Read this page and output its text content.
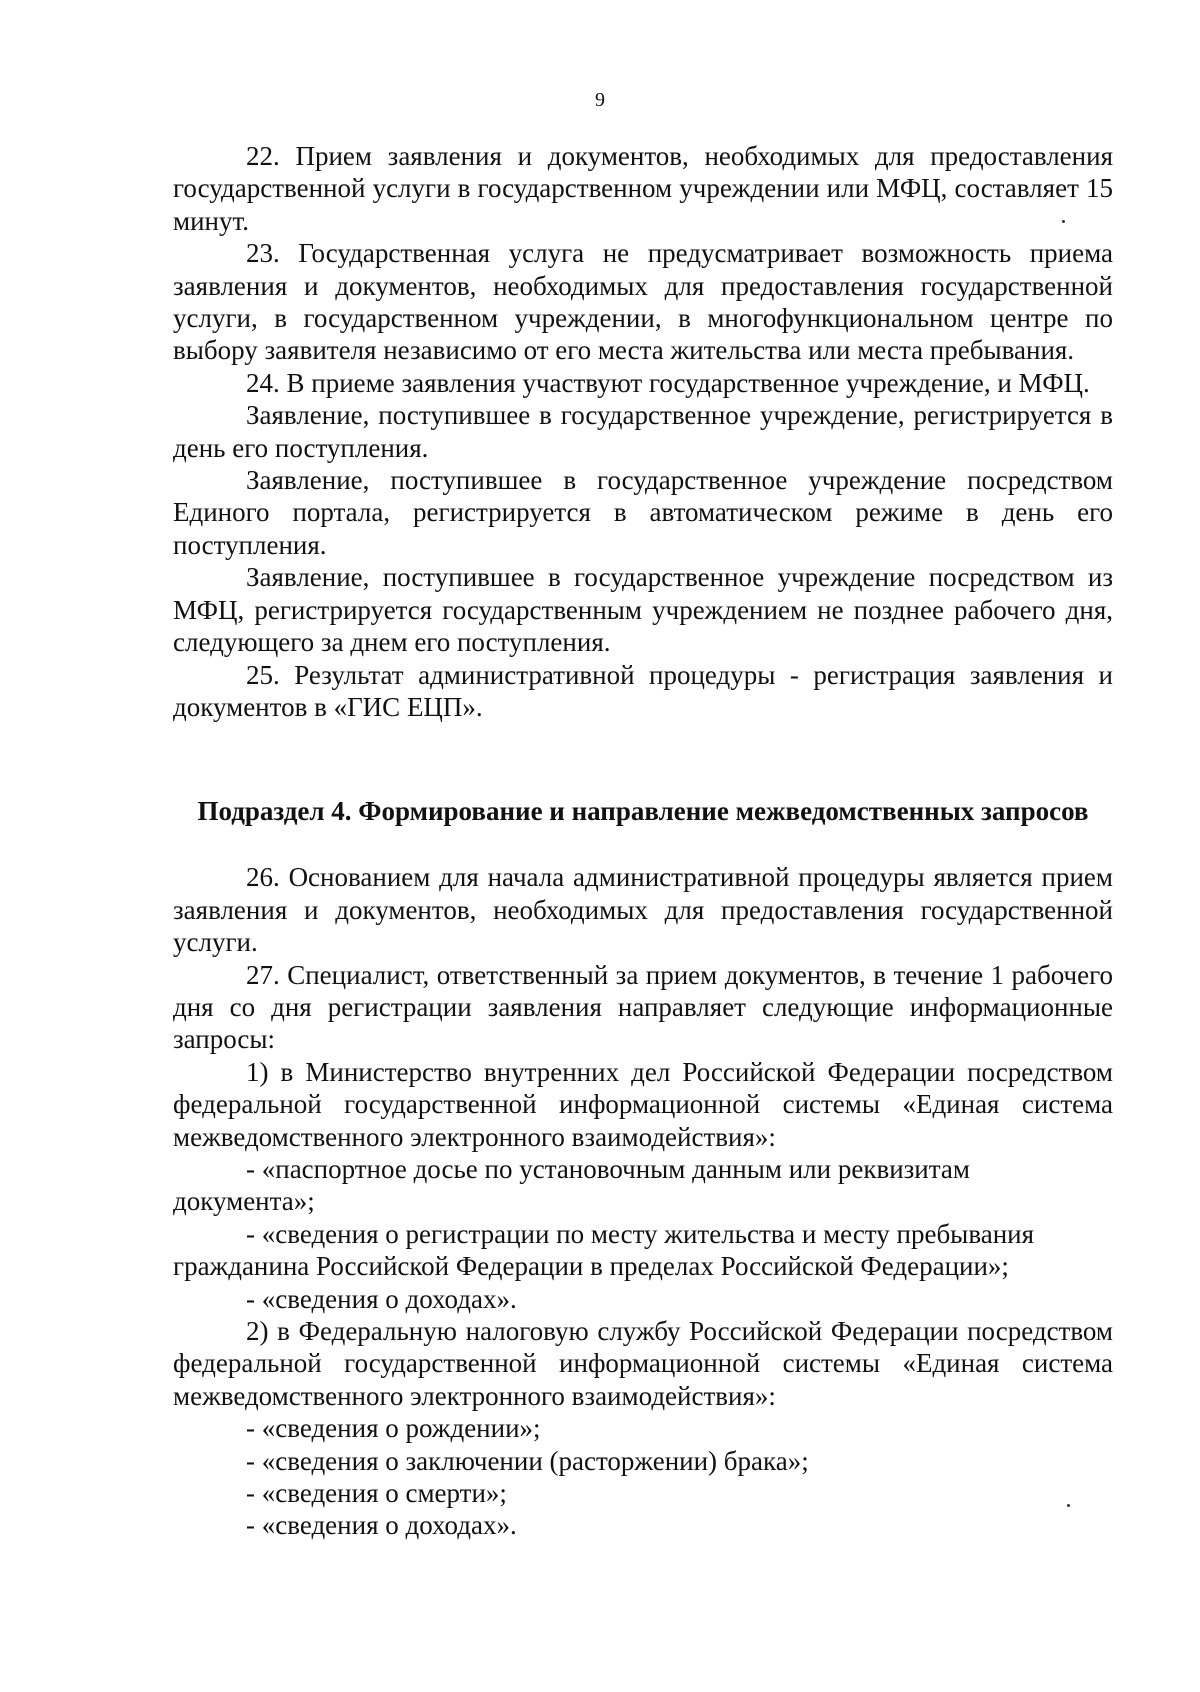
9

22. Прием заявления и документов, необходимых для предоставления государственной услуги в государственном учреждении или МФЦ, составляет 15 минут.

23. Государственная услуга не предусматривает возможность приема заявления и документов, необходимых для предоставления государственной услуги, в государственном учреждении, в многофункциональном центре по выбору заявителя независимо от его места жительства или места пребывания.

24. В приеме заявления участвуют государственное учреждение, и МФЦ.

Заявление, поступившее в государственное учреждение, регистрируется в день его поступления.

Заявление, поступившее в государственное учреждение посредством Единого портала, регистрируется в автоматическом режиме в день его поступления.

Заявление, поступившее в государственное учреждение посредством из МФЦ, регистрируется государственным учреждением не позднее рабочего дня, следующего за днем его поступления.

25. Результат административной процедуры - регистрация заявления и документов в «ГИС ЕЦП».

Подраздел 4. Формирование и направление межведомственных запросов

26. Основанием для начала административной процедуры является прием заявления и документов, необходимых для предоставления государственной услуги.

27. Специалист, ответственный за прием документов, в течение 1 рабочего дня со дня регистрации заявления направляет следующие информационные запросы:

1) в Министерство внутренних дел Российской Федерации посредством федеральной государственной информационной системы «Единая система межведомственного электронного взаимодействия»:

- «паспортное досье по установочным данным или реквизитам документа»;
- «сведения о регистрации по месту жительства и месту пребывания гражданина Российской Федерации в пределах Российской Федерации»;
- «сведения о доходах».

2) в Федеральную налоговую службу Российской Федерации посредством федеральной государственной информационной системы «Единая система межведомственного электронного взаимодействия»:

- «сведения о рождении»;
- «сведения о заключении (расторжении) брака»;
- «сведения о смерти»;
- «сведения о доходах».
